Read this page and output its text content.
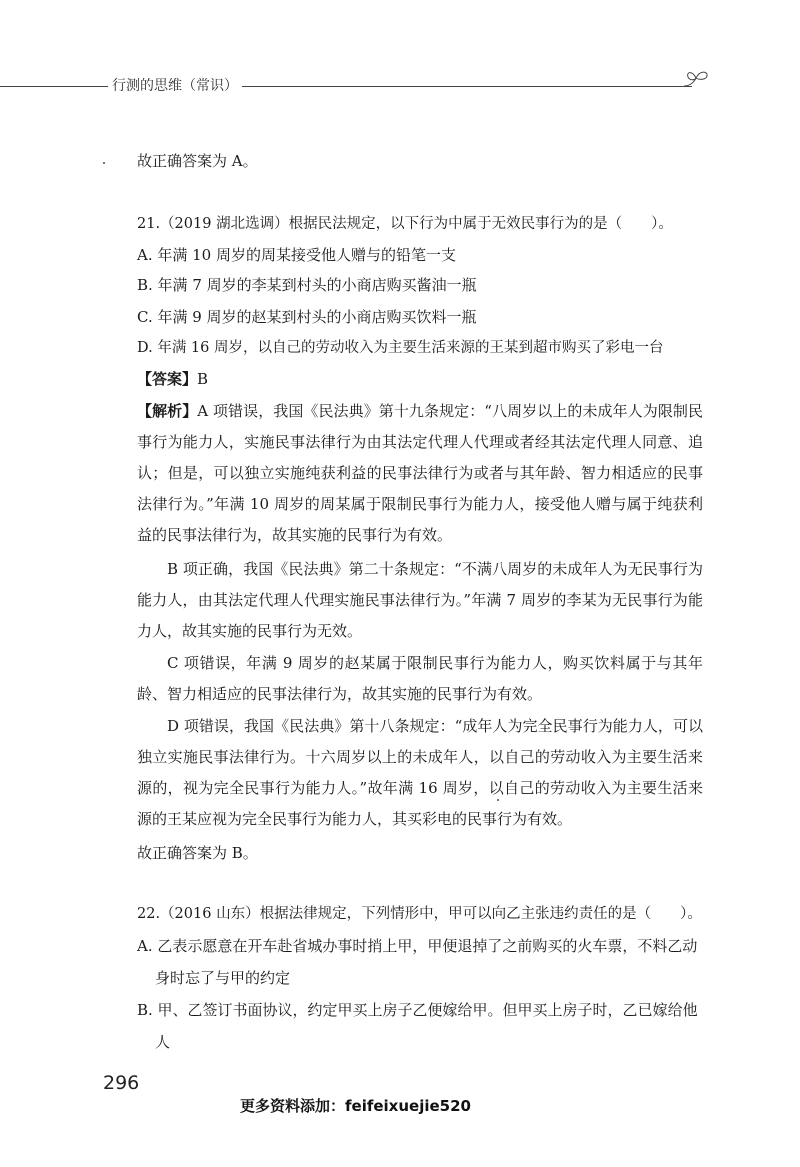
行测的思维（常识）
故正确答案为 A。
21.（2019 湖北选调）根据民法规定，以下行为中属于无效民事行为的是（　　）。
A. 年满 10 周岁的周某接受他人赠与的铅笔一支
B. 年满 7 周岁的李某到村头的小商店购买酱油一瓶
C. 年满 9 周岁的赵某到村头的小商店购买饮料一瓶
D. 年满 16 周岁，以自己的劳动收入为主要生活来源的王某到超市购买了彩电一台
【答案】B
【解析】A 项错误，我国《民法典》第十九条规定：“八周岁以上的未成年人为限制民事行为能力人，实施民事法律行为由其法定代理人代理或者经其法定代理人同意、追认；但是，可以独立实施纯获利益的民事法律行为或者与其年龄、智力相适应的民事法律行为。”年满 10 周岁的周某属于限制民事行为能力人，接受他人赠与属于纯获利益的民事法律行为，故其实施的民事行为有效。
B 项正确，我国《民法典》第二十条规定：“不满八周岁的未成年人为无民事行为能力人，由其法定代理人代理实施民事法律行为。”年满 7 周岁的李某为无民事行为能力人，故其实施的民事行为无效。
C 项错误，年满 9 周岁的赵某属于限制民事行为能力人，购买饮料属于与其年龄、智力相适应的民事法律行为，故其实施的民事行为有效。
D 项错误，我国《民法典》第十八条规定：“成年人为完全民事行为能力人，可以独立实施民事法律行为。十六周岁以上的未成年人，以自己的劳动收入为主要生活来源的，视为完全民事行为能力人。”故年满 16 周岁，以自己的劳动收入为主要生活来源的王某应视为完全民事行为能力人，其买彩电的民事行为有效。
故正确答案为 B。
22.（2016 山东）根据法律规定，下列情形中，甲可以向乙主张违约责任的是（　　）。
A. 乙表示愿意在开车赴省城办事时捎上甲，甲便退掉了之前购买的火车票，不料乙动身时忘了与甲的约定
B. 甲、乙签订书面协议，约定甲买上房子乙便嫁给甲。但甲买上房子时，乙已嫁给他人
296
更多资料添加：feifeixuejie520
